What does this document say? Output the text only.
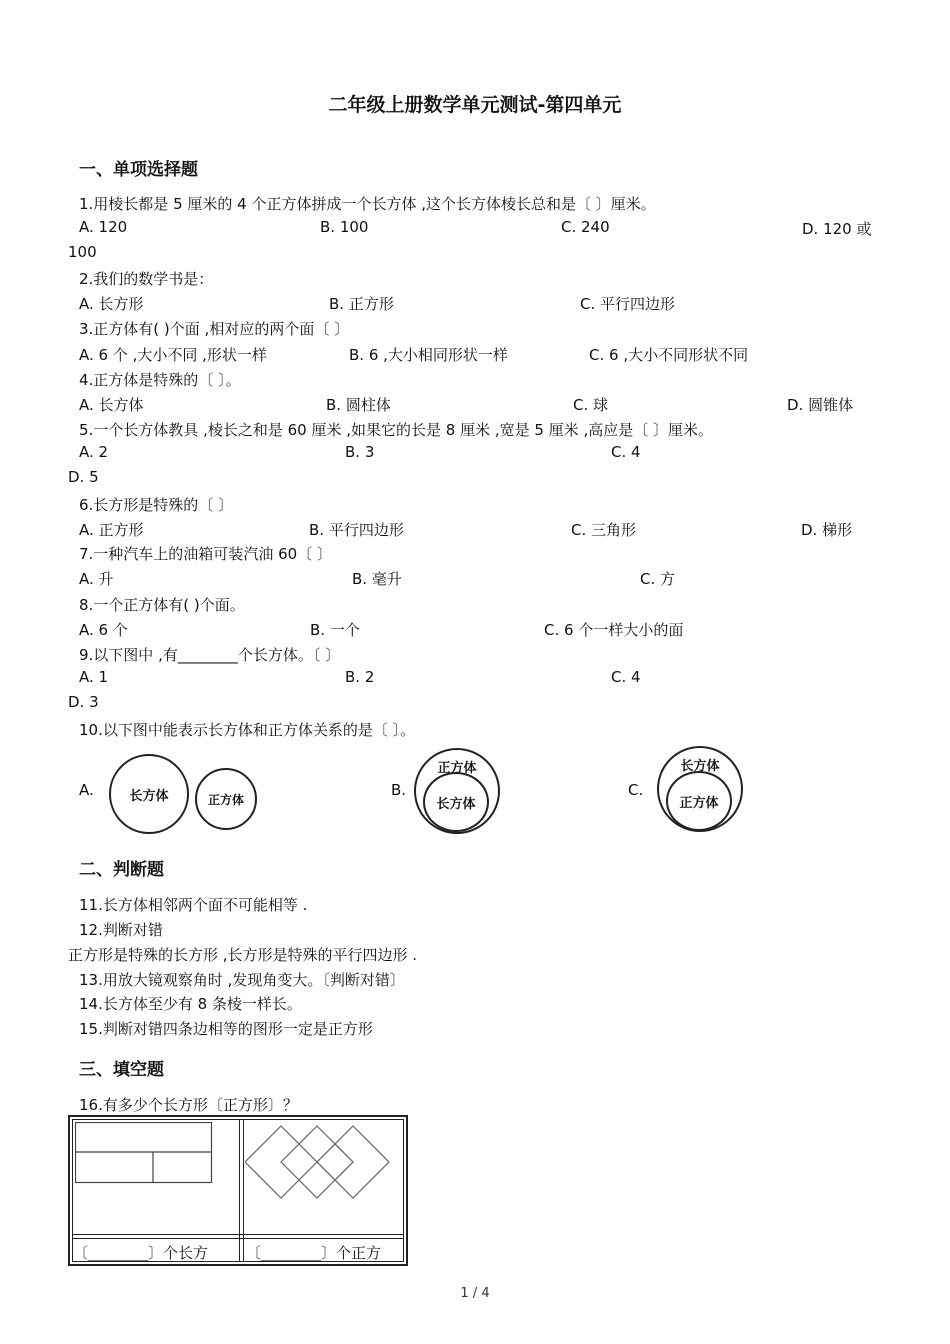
二年级上册数学单元测试-第四单元
一、单项选择题
1.用棱长都是 5 厘米的 4 个正方体拼成一个长方体 ,这个长方体棱长总和是〔 〕厘米。
A. 120	B. 100	C. 240	D. 120 或
100
2.我们的数学书是：
A. 长方形	B. 正方形	C. 平行四边形
3.正方体有( )个面 ,相对应的两个面〔 〕
A. 6 个 ,大小不同 ,形状一样	B. 6 ,大小相同形状一样	C. 6 ,大小不同形状不同
4.正方体是特殊的〔 〕。
A. 长方体	B. 圆柱体	C. 球	D. 圆锥体
5.一个长方体教具 ,棱长之和是 60 厘米 ,如果它的长是 8 厘米 ,宽是 5 厘米 ,高应是〔 〕厘米。
A. 2	B. 3	C. 4
D. 5
6.长方形是特殊的〔 〕
A. 正方形	B. 平行四边形	C. 三角形	D. 梯形
7.一种汽车上的油箱可装汽油 60〔 〕
A. 升	B. 毫升	C. 方
8.一个正方体有( )个面。
A. 6 个	B. 一个	C. 6 个一样大小的面
9.以下图中 ,有________个长方体。〔 〕
A. 1	B. 2	C. 4
D. 3
10.以下图中能表示长方体和正方体关系的是〔 〕。
A.	长方体	正方体
B.
正方体
长方体
C.
长方体
正方体
二、判断题
11.长方体相邻两个面不可能相等 .
12.判断对错
正方形是特殊的长方形 ,长方形是特殊的平行四边形 .
13.用放大镜观察角时 ,发现角变大。〔判断对错〕
14.长方体至少有 8 条棱一样长。
15.判断对错四条边相等的图形一定是正方形
三、填空题
16.有多少个长方形〔正方形〕？
〔________〕个长方	〔________〕个正方
1 / 4
